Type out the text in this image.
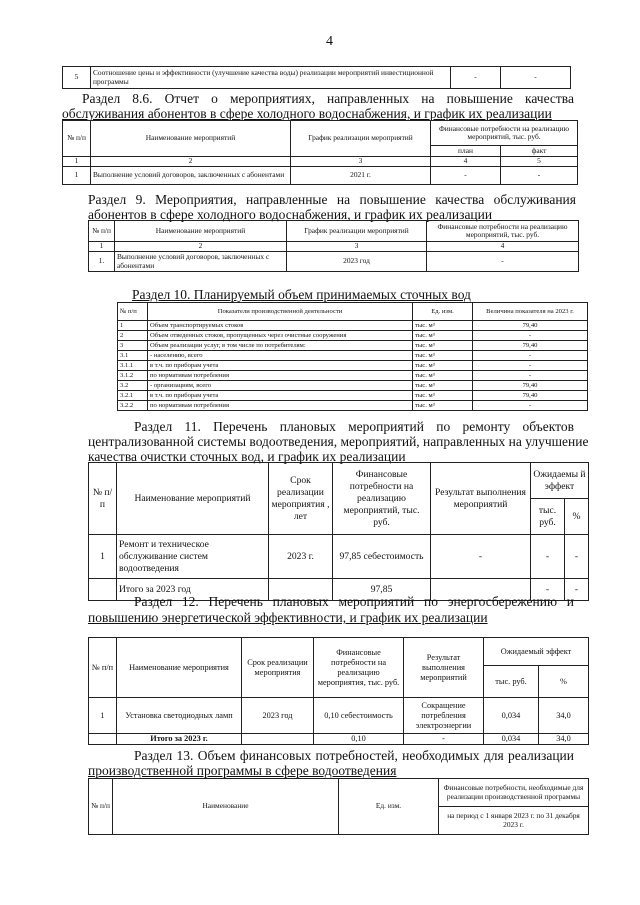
4
5	Соотношение цены и эффективности (улучшение качества воды) реализации мероприятий инвестиционной программы	-	-
Раздел 8.6. Отчет о мероприятиях, направленных на повышение качества
обслуживания абонентов в сфере холодного водоснабжения, и график их реализации
№ п/п	Наименование мероприятий	График реализации мероприятий	Финансовые потребности на реализацию мероприятий, тыс. руб.	
			план	факт
1	2	3	4	5
1	Выполнение условий договоров, заключенных с абонентами	2021 г.	-	-
Раздел 9. Мероприятия, направленные на повышение качества обслуживания
абонентов в сфере холодного водоснабжения, и график их реализации
№ п/п	Наименование мероприятий	График реализации мероприятий	Финансовые потребности на реализацию мероприятий, тыс. руб.
1	2	3	4
1.	Выполнение условий договоров, заключенных с абонентами	2023 год	-
Раздел 10. Планируемый объем принимаемых сточных вод
№ п/п	Показатели производственной деятельности	Ед. изм.	Величина показателя на 2023 г.
1	Объем транспортируемых стоков	тыс. м³	79,40
2	Объем отведенных стоков, пропущенных через очистные сооружения	тыс. м³	-
3	Объем реализации услуг, в том числе по потребителям:	тыс. м³	79,40
3.1	- населению, всего	тыс. м³	-
3.1.1	в т.ч. по приборам учета	тыс. м³	-
3.1.2	по нормативам потребления	тыс. м³	-
3.2	- организациям, всего	тыс. м³	79,40
3.2.1	в т.ч. по приборам учета	тыс. м³	79,40
3.2.2	по нормативам потребления	тыс. м³	-
Раздел 11. Перечень плановых мероприятий по ремонту объектов
централизованной системы водоотведения, мероприятий, направленных на улучшение
качества очистки сточных вод, и график их реализации
№ п/п	Наименование мероприятий	Срок реализации мероприятия , лет	Финансовые потребности на реализацию мероприятий, тыс. руб.	Результат выполнения мероприятий	Ожидаемы й эффект	
					тыс. руб.	%
1	Ремонт и техническое обслуживание систем водоотведения	2023 г.	97,85 себестоимость	-	-	-
	Итого за 2023 год		97,85		-	-
Раздел 12. Перечень плановых мероприятий по энергосбережению и
повышению энергетической эффективности, и график их реализации
№ п/п	Наименование мероприятия	Срок реализации мероприятия	Финансовые потребности на реализацию мероприятия, тыс. руб.	Результат выполнения мероприятий	Ожидаемый эффект	
					тыс. руб.	%
1	Установка светодиодных ламп	2023 год	0,10 себестоимость	Сокращение потребления электроэнергии	0,034	34,0
	Итого за 2023 г.		0,10	-	0,034	34,0
Раздел 13. Объем финансовых потребностей, необходимых для реализации
производственной программы в сфере водоотведения
№ п/п	Наименование	Ед. изм.	Финансовые потребности, необходимые для реализации производственной программы
на период с 1 января 2023 г. по 31 декабря 2023 г.
